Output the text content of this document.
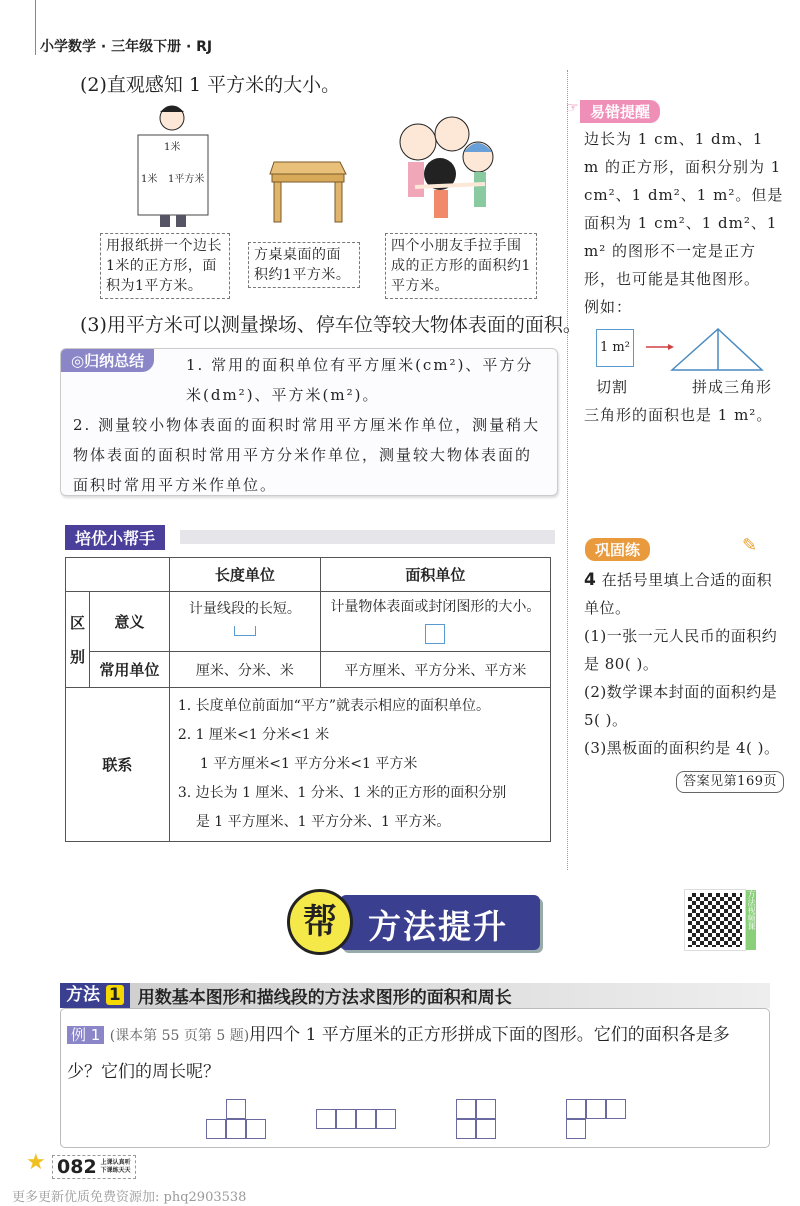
小学数学 · 三年级下册 · RJ
(2)直观感知 1 平方米的大小。
1米
1米 1平方米
用报纸拼一个边长1米的正方形，面积为1平方米。
方桌桌面的面积约1平方米。
四个小朋友手拉手围成的正方形的面积约1平方米。
(3)用平方米可以测量操场、停车位等较大物体表面的面积。
◎归纳总结	1. 常用的面积单位有平方厘米(cm²)、平方分米(dm²)、平方米(m²)。

2. 测量较小物体表面的面积时常用平方厘米作单位，测量稍大物体表面的面积时常用平方分米作单位，测量较大物体表面的面积时常用平方米作单位。

培优小帮手
		长度单位	面积单位
区别	意义	计量线段的长短。	计量物体表面或封闭图形的大小。

	常用单位	厘米、分米、米	平方厘米、平方分米、平方米
联系		1. 长度单位前面加“平方”就表示相应的面积单位。
2. 1 厘米<1 分米<1 米
1 平方厘米<1 平方分米<1 平方米
3. 边长为 1 厘米、1 分米、1 米的正方形的面积分别
是 1 平方厘米、1 平方分米、1 平方米。	
易错提醒
☞
边长为 1 cm、1 dm、1 m 的正方形，面积分别为 1 cm²、1 dm²、1 m²。但是面积为 1 cm²、1 dm²、1 m² 的图形不一定是正方形，也可能是其他图形。
例如：
1 m²
切割	拼成三角形
三角形的面积也是 1 m²。
巩固练	✎
4 在括号里填上合适的面积单位。
(1)一张一元人民币的面积约是 80( )。
(2)数学课本封面的面积约是 5( )。
(3)黑板面的面积约是 4( )。
答案见第169页
方法提升
帮	方法视频课
方法 1	用数基本图形和描线段的方法求图形的面积和周长
例 1 (课本第 55 页第 5 题)用四个 1 平方厘米的正方形拼成下面的图形。它们的面积各是多少？它们的周长呢？
★ 082 上课认真听
下课练天天
更多更新优质免费资源加: phq2903538
